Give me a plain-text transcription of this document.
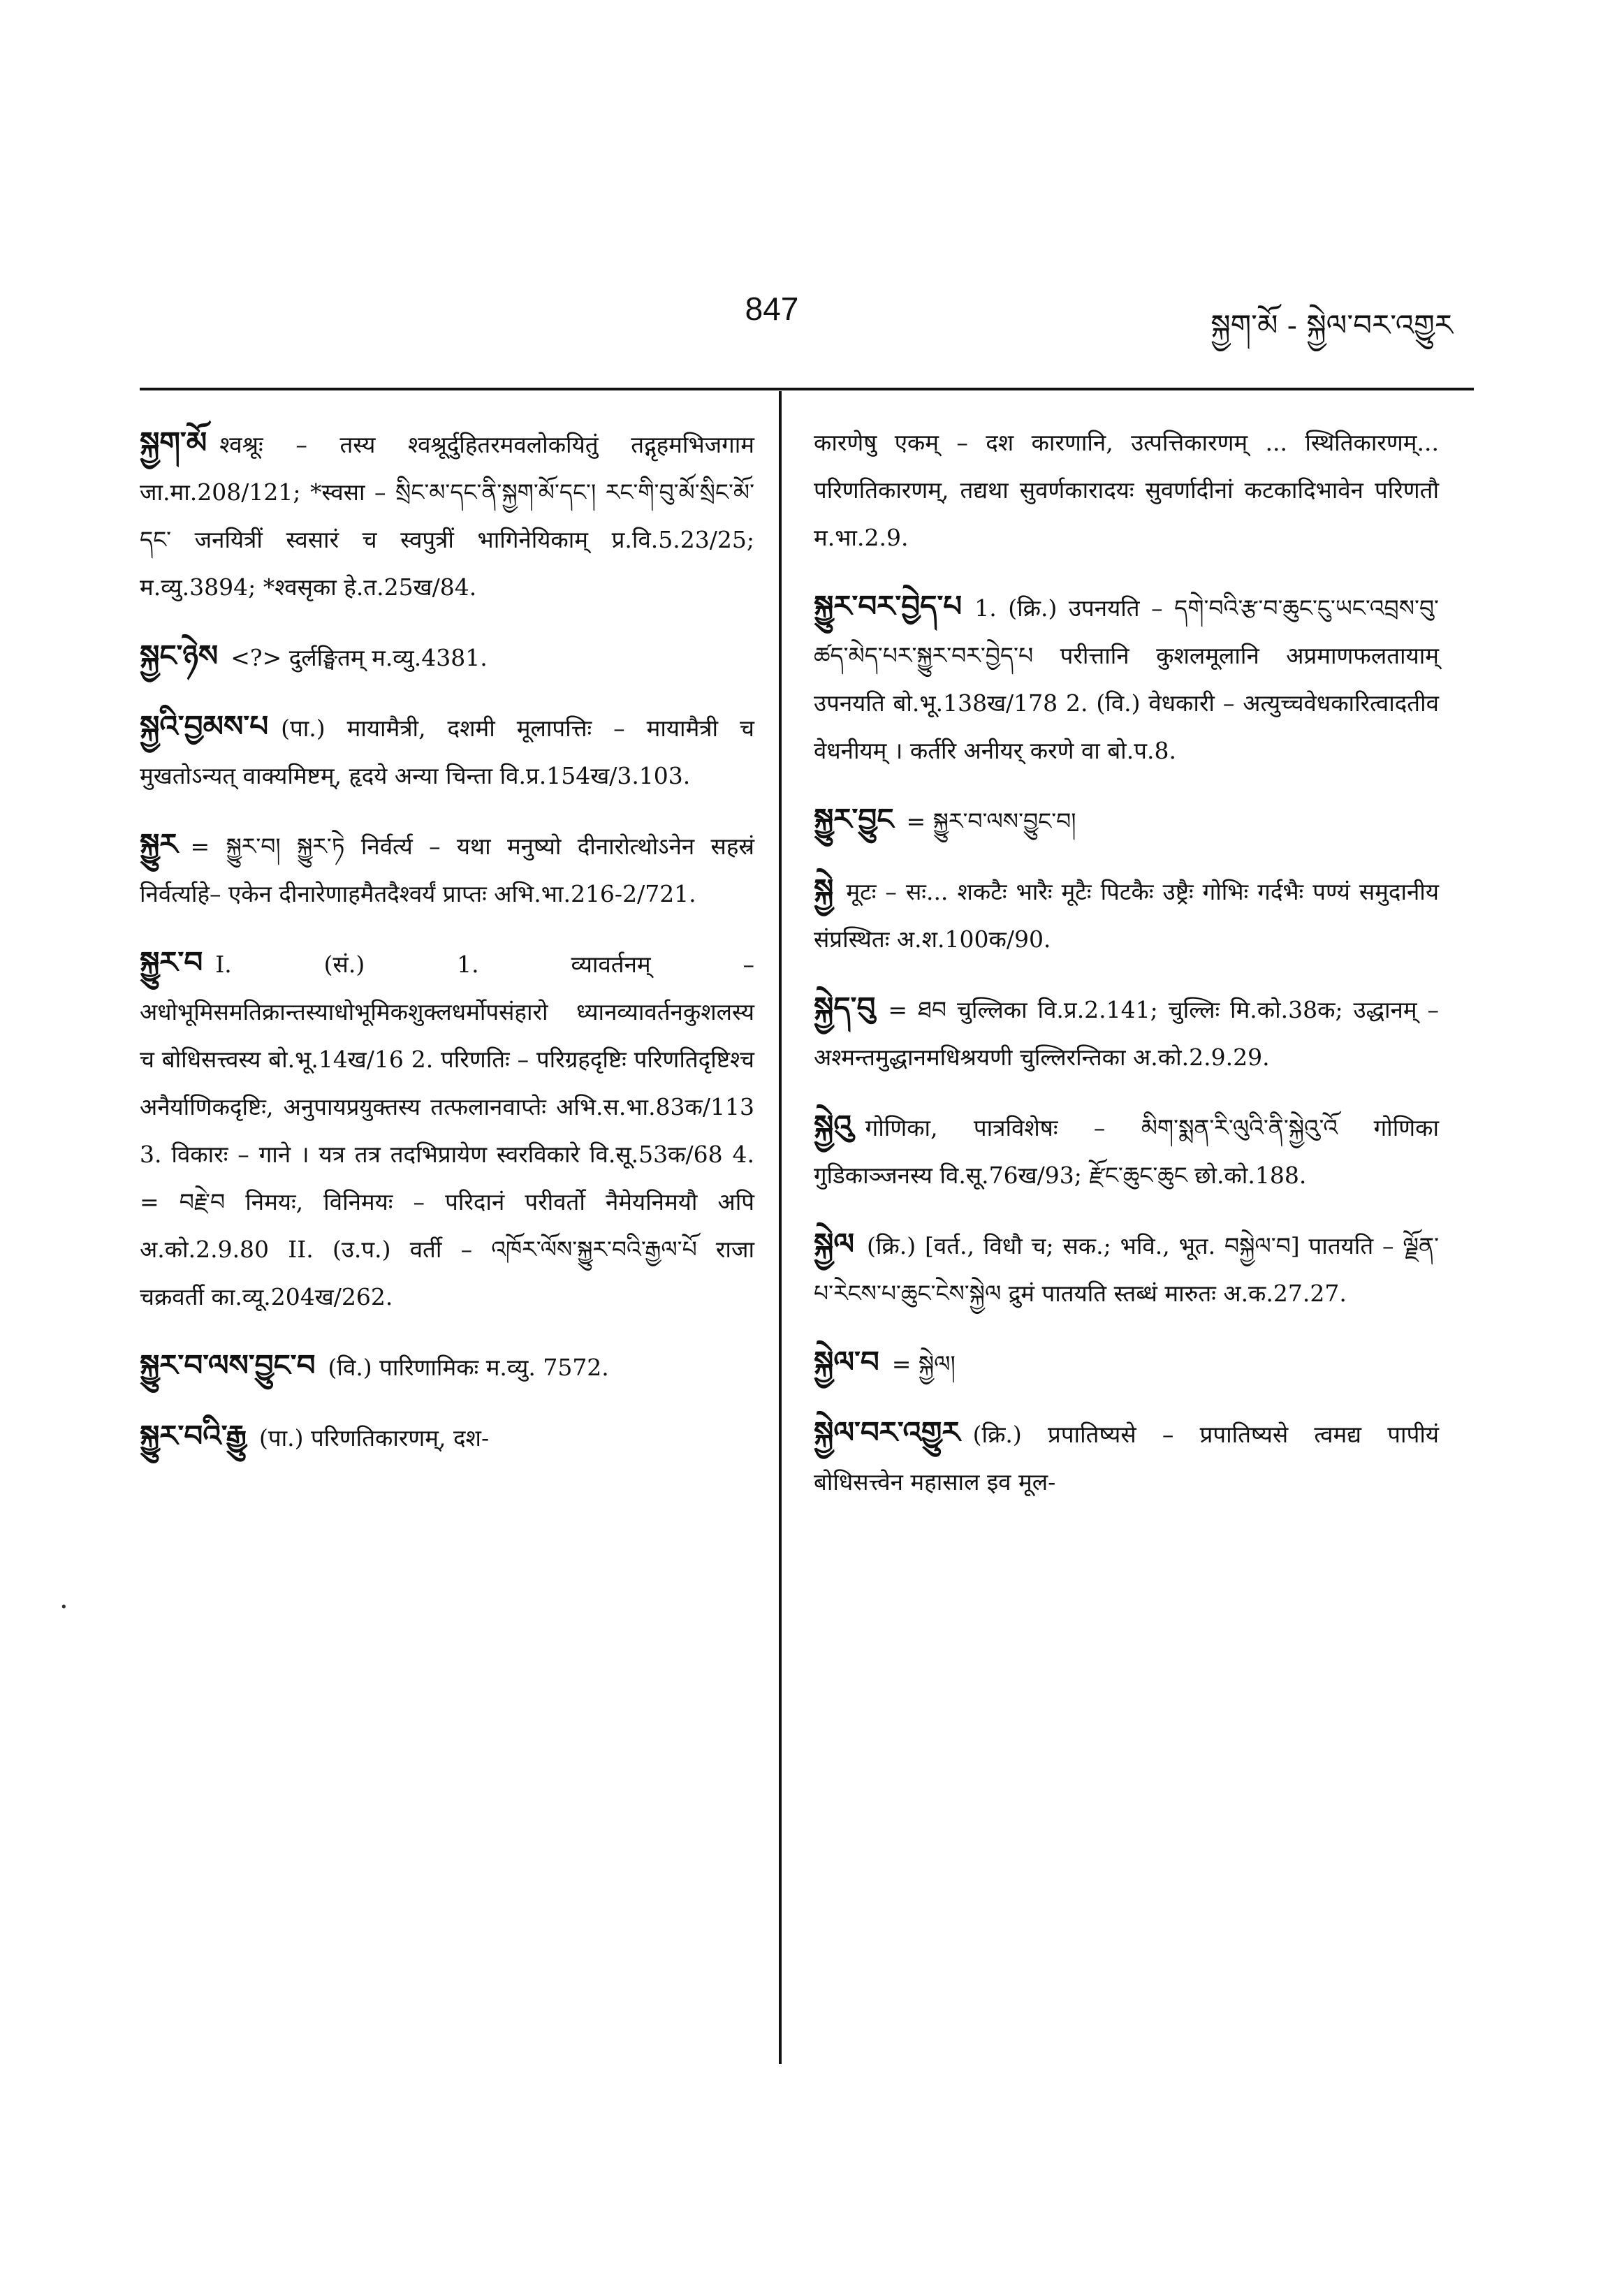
847	སྐྱག་མོ - སྐྱེལ་བར་འགྱུར
·

སྐྱག་མོ श्वश्रूः – तस्य श्वश्रूर्दुहितरमवलोकयितुं तद्गृहमभिजगाम जा.मा.208/121; *स्वसा – སྲིང་མ་དང་ནི་སྐྱག་མོ་དང་། རང་གི་བུ་མོ་སྲིང་མོ་དང་ जनयित्रीं स्वसारं च स्वपुत्रीं भागिनेयिकाम् प्र.वि.5.23/25; म.व्यु.3894; *श्वसृका हे.त.25ख/84.

སྐྱང་ཉེས <?> दुर्लङ्घितम् म.व्यु.4381.

སྐྱའི་བྱམས་པ (पा.) मायामैत्री, दशमी मूलापत्तिः – मायामैत्री च मुखतोऽन्यत् वाक्यमिष्टम्, हृदये अन्या चिन्ता वि.प्र.154ख/3.103.

སྐྱུར = སྐྱུར་བ། སྐྱུར་ཏེ निर्वर्त्य – यथा मनुष्यो दीनारोत्थोऽनेन सहस्रं निर्वर्त्याहे– एकेन दीनारेणाहमैतदैश्वर्यं प्राप्तः अभि.भा.216-2/721.

སྐྱུར་བ I. (सं.) 1. व्यावर्तनम् – अधोभूमिसमतिक्रान्तस्याधोभूमिकशुक्लधर्मोपसंहारो ध्यानव्यावर्तनकुशलस्य च बोधिसत्त्वस्य बो.भू.14ख/16 2. परिणतिः – परिग्रहदृष्टिः परिणतिदृष्टिश्च अनैर्याणिकदृष्टिः, अनुपायप्रयुक्तस्य तत्फलानवाप्तेः अभि.स.भा.83क/113 3. विकारः – गाने । यत्र तत्र तदभिप्रायेण स्वरविकारे वि.सू.53क/68 4. = བརྗེ་བ निमयः, विनिमयः – परिदानं परीवर्तो नैमेयनिमयौ अपि अ.को.2.9.80 II. (उ.प.) वर्ती – འཁོར་ལོས་སྐྱུར་བའི་རྒྱལ་པོ राजा चक्रवर्ती का.व्यू.204ख/262.

སྐྱུར་བ་ལས་བྱུང་བ (वि.) पारिणामिकः म.व्यु. 7572.

སྐྱུར་བའི་རྒྱུ (पा.) परिणतिकारणम्, दश-

कारणेषु एकम् – दश कारणानि, उत्पत्तिकारणम् ... स्थितिकारणम्... परिणतिकारणम्, तद्यथा सुवर्णकारादयः सुवर्णादीनां कटकादिभावेन परिणतौ म.भा.2.9.

སྐྱུར་བར་བྱེད་པ 1. (क्रि.) उपनयति – དགེ་བའི་རྩ་བ་ཆུང་ངུ་ཡང་འབྲས་བུ་ཚད་མེད་པར་སྐྱུར་བར་བྱེད་པ परीत्तानि कुशलमूलानि अप्रमाणफलतायाम् उपनयति बो.भू.138ख/178 2. (वि.) वेधकारी – अत्युच्चवेधकारित्वादतीव वेधनीयम् । कर्तरि अनीयर् करणे वा बो.प.8.

སྐྱུར་བྱུང = སྐྱུར་བ་ལས་བྱུང་བ།

སྐྱེ मूटः – सः... शकटैः भारैः मूटैः पिटकैः उष्ट्रैः गोभिः गर्दभैः पण्यं समुदानीय संप्रस्थितः अ.श.100क/90.

སྐྱེད་བུ = ཐབ चुल्लिका वि.प्र.2.141; चुल्लिः मि.को.38क; उद्धानम् – अश्मन्तमुद्धानमधिश्रयणी चुल्लिरन्तिका अ.को.2.9.29.

སྐྱེའུ गोणिका, पात्रविशेषः – མིག་སྨན་རི་ལུའི་ནི་སྐྱེའུ་འོ गोणिका गुडिकाञ्जनस्य वि.सू.76ख/93; རྫོང་ཆུང་ཆུང छो.को.188.

སྐྱེལ (क्रि.) [वर्त., विधौ च; सक.; भवि., भूत. བསྐྱེལ་བ] पातयति – ལྗོན་པ་རེངས་པ་ཆུང་ངེས་སྐྱེལ द्रुमं पातयति स्तब्धं मारुतः अ.क.27.27.

སྐྱེལ་བ = སྐྱེལ།

སྐྱེལ་བར་འགྱུར (क्रि.) प्रपातिष्यसे – प्रपातिष्यसे त्वमद्य पापीयं बोधिसत्त्वेन महासाल इव मूल-
